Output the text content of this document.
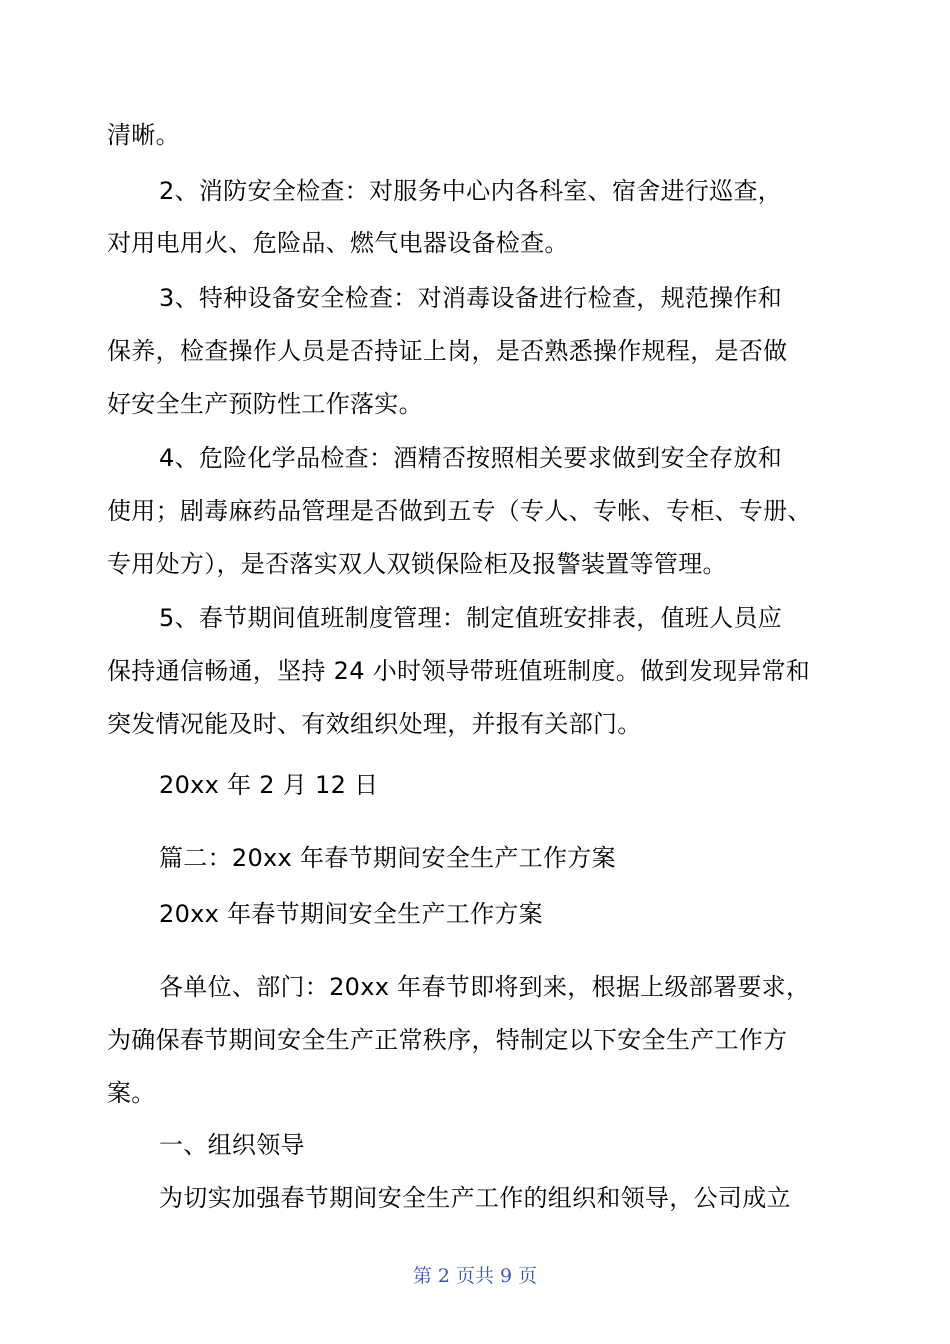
清晰。
2、消防安全检查：对服务中心内各科室、宿舍进行巡查，
对用电用火、危险品、燃气电器设备检查。
3、特种设备安全检查：对消毒设备进行检查，规范操作和
保养，检查操作人员是否持证上岗，是否熟悉操作规程，是否做
好安全生产预防性工作落实。
4、危险化学品检查：酒精否按照相关要求做到安全存放和
使用；剧毒麻药品管理是否做到五专（专人、专帐、专柜、专册、
专用处方），是否落实双人双锁保险柜及报警装置等管理。
5、春节期间值班制度管理：制定值班安排表，值班人员应
保持通信畅通，坚持 24 小时领导带班值班制度。做到发现异常和
突发情况能及时、有效组织处理，并报有关部门。
20xx 年 2 月 12 日
篇二：20xx 年春节期间安全生产工作方案
20xx 年春节期间安全生产工作方案
各单位、部门：20xx 年春节即将到来，根据上级部署要求，
为确保春节期间安全生产正常秩序，特制定以下安全生产工作方
案。
一、组织领导
为切实加强春节期间安全生产工作的组织和领导，公司成立
第 2 页共 9 页
